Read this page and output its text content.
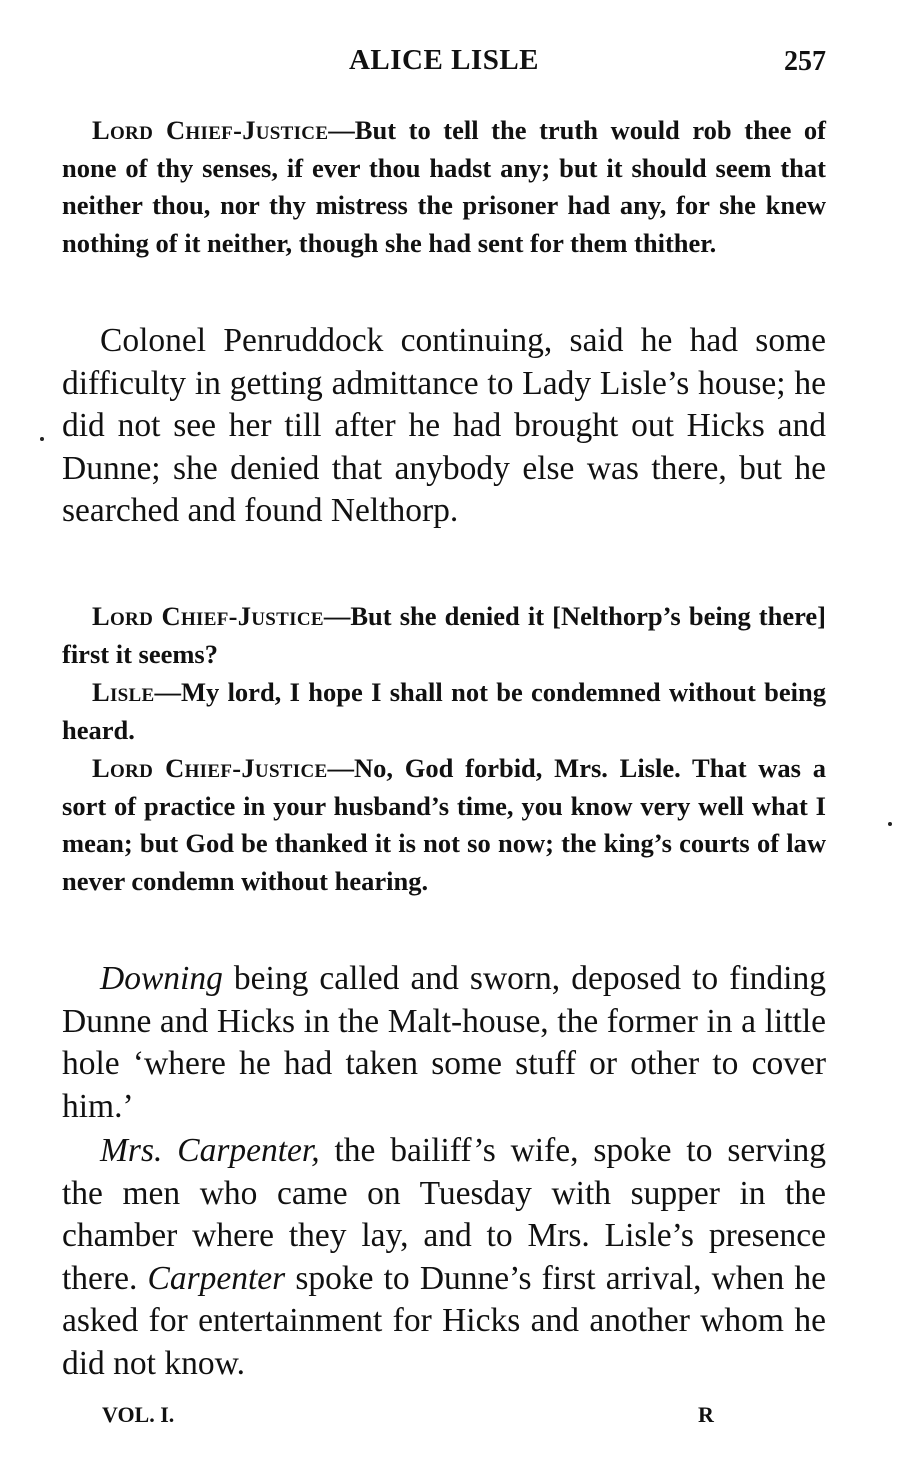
ALICE LISLE	257

Lord Chief-Justice—But to tell the truth would rob thee of none of thy senses, if ever thou hadst any; but it should seem that neither thou, nor thy mistress the prisoner had any, for she knew nothing of it neither, though she had sent for them thither.

Colonel Penruddock continuing, said he had some difficulty in getting admittance to Lady Lisle’s house; he did not see her till after he had brought out Hicks and Dunne; she denied that anybody else was there, but he searched and found Nelthorp.

Lord Chief-Justice—But she denied it [Nelthorp’s being there] first it seems?

Lisle—My lord, I hope I shall not be condemned without being heard.

Lord Chief-Justice—No, God forbid, Mrs. Lisle. That was a sort of practice in your husband’s time, you know very well what I mean; but God be thanked it is not so now; the king’s courts of law never condemn without hearing.

Downing being called and sworn, deposed to finding Dunne and Hicks in the Malt-house, the former in a little hole ‘where he had taken some stuff or other to cover him.’

Mrs. Carpenter, the bailiff’s wife, spoke to serving the men who came on Tuesday with supper in the chamber where they lay, and to Mrs. Lisle’s presence there. Carpenter spoke to Dunne’s first arrival, when he asked for entertainment for Hicks and another whom he did not know.

VOL. I.	R
